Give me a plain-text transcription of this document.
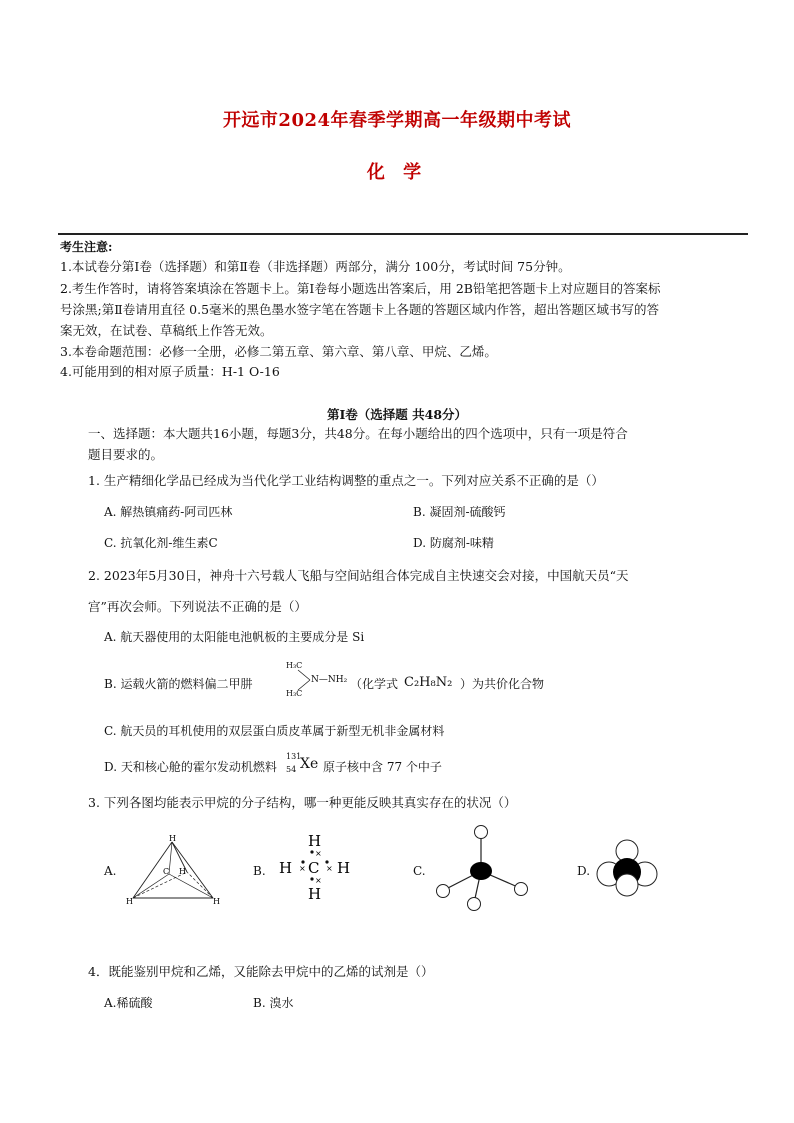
开远市2024年春季学期高一年级期中考试
化 学
考生注意:
1.本试卷分第Ⅰ卷（选择题）和第Ⅱ卷（非选择题）两部分，满分 100分，考试时间 75分钟。
2.考生作答时，请将答案填涂在答题卡上。第Ⅰ卷每小题选出答案后，用 2B铅笔把答题卡上对应题目的答案标
号涂黑;第Ⅱ卷请用直径 0.5毫米的黑色墨水签字笔在答题卡上各题的答题区域内作答，超出答题区域书写的答
案无效，在试卷、草稿纸上作答无效。
3.本卷命题范围：必修一全册，必修二第五章、第六章、第八章、甲烷、乙烯。
4.可能用到的相对原子质量：H-1 O-16
第Ⅰ卷（选择题 共48分）
一、选择题：本大题共16小题，每题3分，共48分。在每小题给出的四个选项中，只有一项是符合
题目要求的。
1. 生产精细化学品已经成为当代化学工业结构调整的重点之一。下列对应关系不正确的是（）
A. 解热镇痛药-阿司匹林	B. 凝固剂-硫酸钙
C. 抗氧化剂-维生素C	D. 防腐剂-味精
2. 2023年5月30日，神舟十六号载人飞船与空间站组合体完成自主快速交会对接，中国航天员“天
宫”再次会师。下列说法不正确的是（）
A. 航天器使用的太阳能电池帆板的主要成分是 Si
B. 运载火箭的燃料偏二甲肼
H₃C
H₃C
N—NH₂ （化学式 C₂H₈N₂ ）为共价化合物
C. 航天员的耳机使用的双层蛋白质皮革属于新型无机非金属材料
D. 天和核心舱的霍尔发动机燃料
131
54 Xe 原子核中含 77 个中子
3. 下列各图均能表示甲烷的分子结构，哪一种更能反映其真实存在的状况（）
A.
H
H	H
C H	B.
H
H
H	H
C
×
×
×	×	C.	D.
4．既能鉴别甲烷和乙烯，又能除去甲烷中的乙烯的试剂是（）
A.稀硫酸	B. 溴水
